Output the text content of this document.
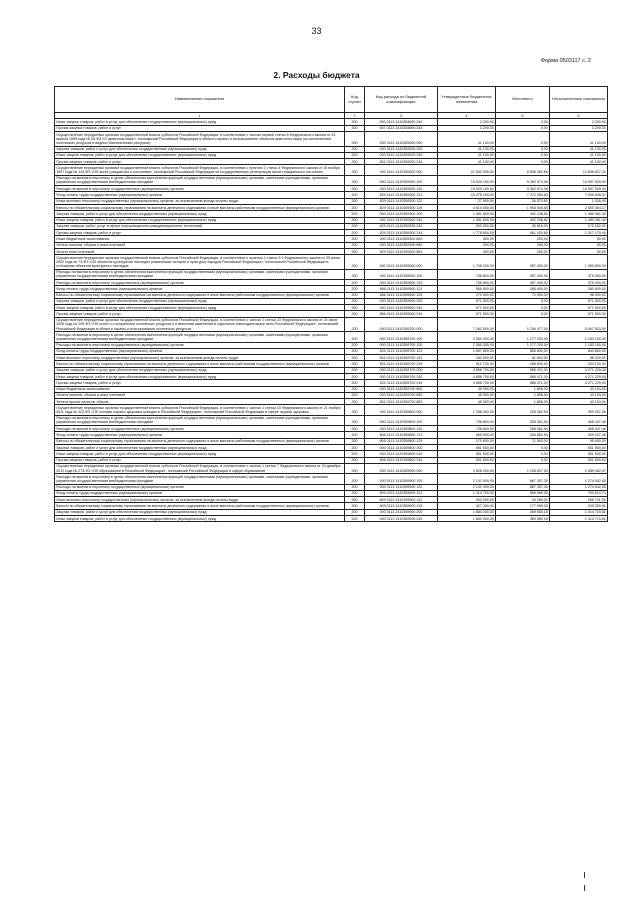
33
Форма 0503117 с. 2
2. Расходы бюджета
Наименование показателя	Код строки	Код расхода по бюджетной классификации	Утвержденные бюджетные назначения	Исполнено	Неисполненные назначения
1	2	3	4	5	6
Иные закупки товаров, работ и услуг для обеспечения государственных (муниципальных) нужд	200	000 0113 1410354690 240	2 200,00	0,00	2 200,00
Прочая закупка товаров, работ и услуг	200	837 0113 1410354690 244	2 200,00	0,00	2 200,00
Осуществление переданных органам государственной власти субъектов Российской Федерации, в соответствии с частью первой статьи 6 Федерального закона от 24 апреля 1995 года № 52-ФЗ «О животном мире», полномочий Российской Федерации в области охраны и использования объектов животного мира (за исключением охотничьих ресурсов и водных биологических ресурсов)	200	000 0113 1410359200 000	41 100,00	0,00	41 100,00
Закупка товаров, работ и услуг для обеспечения государственных (муниципальных) нужд	200	000 0113 1410359200 200	41 100,00	0,00	41 100,00
Иные закупки товаров, работ и услуг для обеспечения государственных (муниципальных) нужд	200	000 0113 1410359200 240	41 100,00	0,00	41 100,00
Прочая закупка товаров, работ и услуг	200	831 0113 1410359200 244	41 100,00	0,00	41 100,00
Осуществление переданных органам государственной власти субъектов Российской Федерации, в соответствии с пунктом 1 статьи 4 Федерального закона от 15 ноября 1997 года № 143-ФЗ «Об актах гражданского состояния», полномочий Российской Федерации на государственную регистрацию актов гражданского состояния	200	000 0113 1410359300 000	21 502 900,00	8 656 062,66	12 846 837,34
Расходы на выплаты персоналу в целях обеспечения выполнения функций государственными (муниципальными) органами, казенными учреждениями, органами управления государственными внебюджетными фондами	200	000 0113 1410359300 100	19 920 100,00	9 362 574,06	10 557 525,94
Расходы на выплаты персоналу государственных (муниципальных) органов	200	000 0113 1410359300 120	19 920 100,00	9 362 574,06	10 557 525,94
Фонд оплаты труда государственных (муниципальных) органов	200	829 0113 1410359300 121	15 278 200,00	7 372 354,63	7 905 845,37
Иные выплаты персоналу государственных (муниципальных) органов, за исключением фонда оплаты труда	200	829 0113 1410359300 122	27 900,00	26 573,60	1 326,40
Взносы по обязательному социальному страхованию на выплаты денежного содержания и иные выплаты работникам государственных (муниципальных) органов	200	829 0113 1410359300 129	4 614 000,00	1 963 645,83	2 650 354,17
Закупка товаров, работ и услуг для обеспечения государственных (муниципальных) нужд	200	000 0113 1410359300 200	1 981 600,00	492 238,60	1 489 361,40
Иные закупки товаров, работ и услуг для обеспечения государственных (муниципальных) нужд	200	000 0113 1410359300 240	1 981 600,00	492 238,60	1 483 361,40
Закупка товаров, работ, услуг в сфере информационно-коммуникационных технологий	200	829 0113 1410359300 242	203 000,00	30 816,00	172 182,00
Прочая закупка товаров, работ и услуг	200	829 0113 1410359300 244	1 778 600,00	461 420,60	1 317 179,40
Иные бюджетные ассигнования	200	000 0113 1410359300 800	300,00	250,00	50,00
Уплата налогов, сборов и иных платежей	200	000 0113 1410359300 850	300,00	250,00	50,00
Уплата иных платежей	200	829 0113 1410359300 853	300,00	250,00	50,00
Осуществление переданных органам государственной власти субъектов Российской Федерации, в соответствии с пунктом 1 статьи 9.1 Федерального закона от 25 июня 2002 года № 73-ФЗ «Об объектах культурного наследия (памятниках истории и культуры) народов Российской Федерации», полномочий Российской Федерации в отношении объектов культурного наследия	200	000 0113 1410359500 000	1 708 200,00	357 400,00	1 350 800,00
Расходы на выплаты персоналу в целях обеспечения выполнения функций государственными (муниципальными) органами, казенными учреждениями, органами управления государственными внебюджетными фондами	200	000 0113 1410359500 100	736 800,00	357 400,00	379 400,00
Расходы на выплаты персоналу государственных (муниципальных) органов	200	000 0113 1410359500 120	736 800,00	357 400,00	379 400,00
Фонд оплаты труда государственных (муниципальных) органов	200	856 0113 1410359500 121	565 900,00	285 400,00	280 500,00
Взносы по обязательному социальному страхованию на выплаты денежного содержания и иные выплаты работникам государственных (муниципальных) органов	200	856 0113 1410359500 129	170 900,00	72 000,00	98 900,00
Закупка товаров, работ и услуг для обеспечения государственных (муниципальных) нужд	200	000 0113 1410359500 200	971 500,00	0,00	971 500,00
Иные закупки товаров, работ и услуг для обеспечения государственных (муниципальных) нужд	200	000 0113 1410359500 240	971 500,00	0,00	971 500,00
Прочая закупка товаров, работ и услуг	200	856 0113 1410359500 244	971 500,00	0,00	971 500,00
Осуществление переданных органам государственной власти субъектов Российской Федерации, в соответствии с частью 1 статьи 33 Федерального закона от 24 июля 2009 года № 209-ФЗ «Об охоте и о сохранении охотничьих ресурсов и о внесении изменений в отдельные законодательные акты Российской Федерации», полномочий Российской Федерации в области охраны и использования охотничьих ресурсов	200	000 0113 1410359700 000	7 262 000,00	1 764 477,00	5 497 523,00
Расходы на выплаты персоналу в целях обеспечения выполнения функций государственными (муниципальными) органами, казенными учреждениями, органами управления государственными внебюджетными фондами	200	000 0113 1410359700 100	2 360 300,00	1 177 200,00	1 183 100,00
Расходы на выплаты персоналу государственных (муниципальных) органов	200	000 0113 1410359700 120	2 360 300,00	1 177 200,00	1 183 100,00
Фонд оплаты труда государственных (муниципальных) органов	200	831 0113 1410359700 121	1 697 600,00	856 800,00	840 800,00
Иные выплаты персоналу государственных (муниципальных) органов, за исключением фонда оплаты труда	200	831 0113 1410359700 122	150 000,00	61 800,00	88 200,00
Взносы по обязательному социальному страхованию на выплаты денежного содержания и иные выплаты работникам государственных (муниципальных) органов	200	831 0113 1410359700 129	512 700,00	258 600,00	254 100,00
Закупка товаров, работ и услуг для обеспечения государственных (муниципальных) нужд	200	000 0113 1410359700 200	4 856 700,00	585 471,00	4 271 229,00
Иные закупки товаров, работ и услуг для обеспечения государственных (муниципальных) нужд	200	000 0113 1410359700 240	4 856 700,00	585 471,00	4 271 229,00
Прочая закупка товаров, работ и услуг	200	831 0113 1410359700 244	4 856 700,00	585 471,00	4 271 229,00
Иные бюджетные ассигнования	200	000 0113 1410359700 800	45 000,00	1 806,00	43 194,00
Уплата налогов, сборов и иных платежей	200	000 0113 1410359700 850	45 000,00	1 806,00	43 194,00
Уплата прочих налогов, сборов	200	831 0113 1410359700 852	45 000,00	1 806,00	43 194,00
Осуществление переданных органам государственной власти субъектов Российской Федерации, в соответствии с частью 1 статьи 15 Федерального закона от 21 ноября 2011 года № 323-ФЗ «Об основах охраны здоровья граждан в Российской Федерации», полномочий Российской Федерации в сфере охраны здоровья	200	000 0113 1410359800 000	1 288 300,00	328 362,54	959 937,46
Расходы на выплаты персоналу в целях обеспечения выполнения функций государственными (муниципальными) органами, казенными учреждениями, органами управления государственными внебюджетными фондами	200	000 0113 1410359800 100	736 800,00	328 362,54	408 437,46
Расходы на выплаты персоналу государственных (муниципальных) органов	200	000 0113 1410359800 120	736 800,00	328 362,54	408 437,46
Фонд оплаты труда государственных (муниципальных) органов	200	806 0113 1410359800 121	565 900,00	256 862,54	309 037,46
Взносы по обязательному социальному страхованию на выплаты денежного содержания и иные выплаты работникам государственных (муниципальных) органов	200	806 0113 1410359800 129	170 900,00	71 500,00	99 400,00
Закупка товаров, работ и услуг для обеспечения государственных (муниципальных) нужд	200	000 0113 1410359800 200	551 500,00	0,00	551 500,00
Иные закупки товаров, работ и услуг для обеспечения государственных (муниципальных) нужд	200	000 0113 1410359800 240	551 500,00	0,00	551 500,00
Прочая закупка товаров, работ и услуг	200	806 0113 1410359800 244	551 500,00	0,00	551 500,00
Осуществление переданных органам государственной власти субъектов Российской Федерации, в соответствии с частью 1 статьи 7 Федерального закона от 29 декабря 2012 года № 273-ФЗ «Об образовании в Российской Федерации», полномочий Российской Федерации в сфере образования	200	000 0113 1410359900 000	3 826 200,00	1 236 837,53	2 589 362,47
Расходы на выплаты персоналу в целях обеспечения выполнения функций государственными (муниципальными) органами, казенными учреждениями, органами управления государственными внебюджетными фондами	200	000 0113 1410359900 100	2 141 900,00	867 357,35	1 274 542,65
Расходы на выплаты персоналу государственных (муниципальных) органов	200	000 0113 1410359900 120	2 141 900,00	867 357,35	1 274 542,65
Фонд оплаты труда государственных (муниципальных) органов	200	809 0113 1410359900 121	1 414 700,00	655 089,26	759 610,74
Иные выплаты персоналу государственных (муниципальных) органов, за исключением фонда оплаты труда	200	809 0113 1410359900 122	300 000,00	34 269,00	265 731,00
Взносы по обязательному социальному страхованию на выплаты денежного содержания и иные выплаты работникам государственных (муниципальных) органов	200	809 0113 1410359900 129	427 200,00	177 999,09	249 200,91
Закупка товаров, работ и услуг для обеспечения государственных (муниципальных) нужд	200	000 0113 1410359900 200	1 684 300,00	369 580,18	1 314 719,82
Иные закупки товаров, работ и услуг для обеспечения государственных (муниципальных) нужд	200	000 0113 1410359900 240	1 684 300,00	369 580,18	1 314 719,82
